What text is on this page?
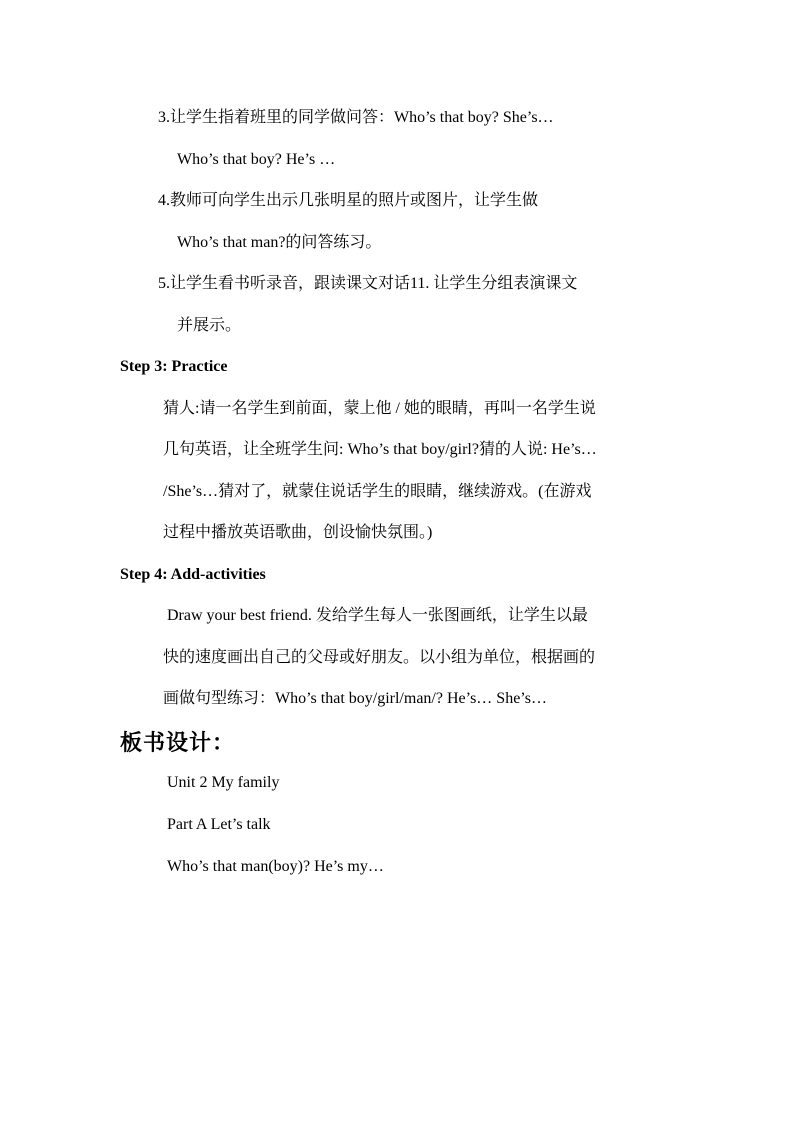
3.让学生指着班里的同学做问答：Who’s that boy? She’s…
Who’s that boy? He’s …
4.教师可向学生出示几张明星的照片或图片，让学生做
Who’s that man?的问答练习。
5.让学生看书听录音，跟读课文对话11. 让学生分组表演课文
并展示。
Step 3: Practice
猜人:请一名学生到前面，蒙上他 / 她的眼睛，再叫一名学生说
几句英语，让全班学生问: Who’s that boy/girl?猜的人说: He’s…
/She’s…猜对了，就蒙住说话学生的眼睛，继续游戏。(在游戏
过程中播放英语歌曲，创设愉快氛围。)
Step 4: Add-activities
Draw your best friend. 发给学生每人一张图画纸，让学生以最
快的速度画出自己的父母或好朋友。以小组为单位，根据画的
画做句型练习：Who’s that boy/girl/man/? He’s… She’s…
板书设计：
Unit 2 My family
Part A Let’s talk
Who’s that man(boy)? He’s my…
